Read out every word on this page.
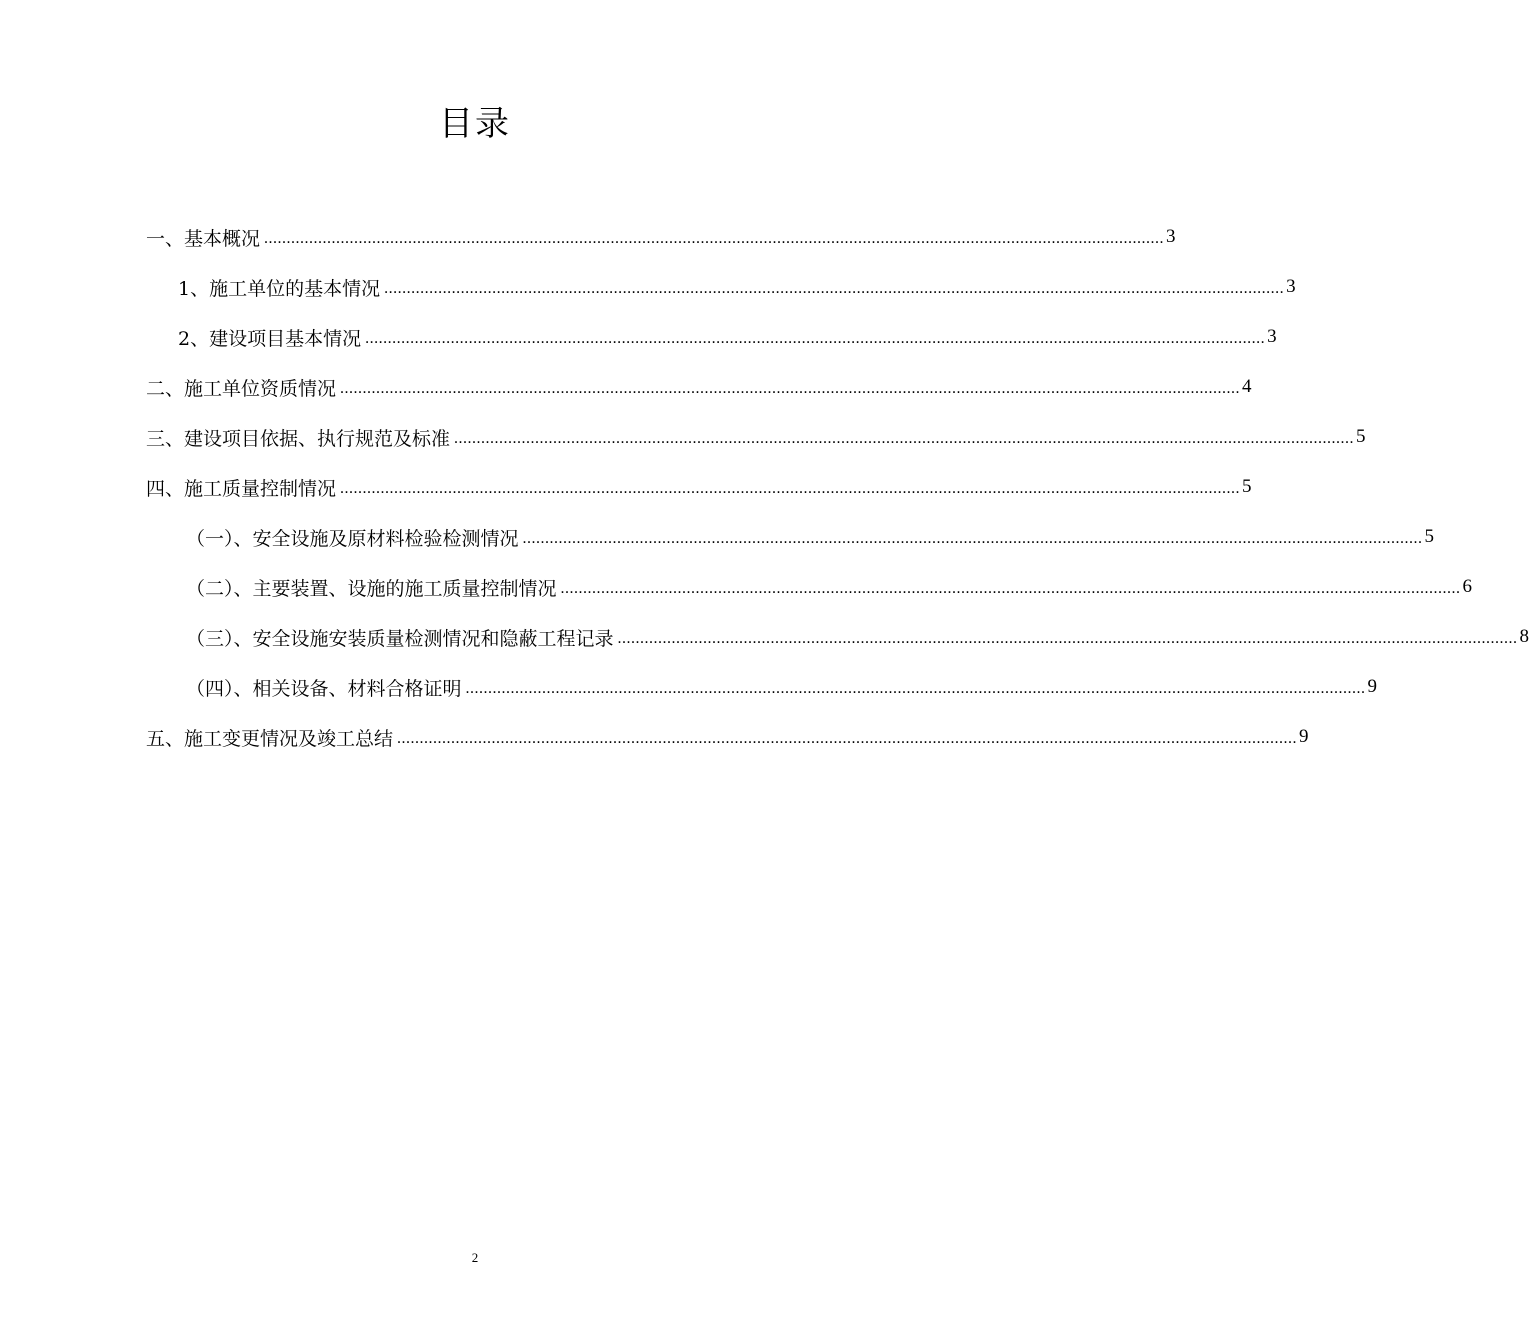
目录
一、基本概况 ........................................................................................................................................................................................................ 3
1、施工单位的基本情况 ........................................................................................................................................................................................................ 3
2、建设项目基本情况 ........................................................................................................................................................................................................ 3
二、施工单位资质情况 ........................................................................................................................................................................................................ 4
三、建设项目依据、执行规范及标准 ........................................................................................................................................................................................................ 5
四、施工质量控制情况 ........................................................................................................................................................................................................ 5
（一）、安全设施及原材料检验检测情况 ........................................................................................................................................................................................................ 5
（二）、主要装置、设施的施工质量控制情况 ........................................................................................................................................................................................................ 6
（三）、安全设施安装质量检测情况和隐蔽工程记录 ........................................................................................................................................................................................................ 8
（四）、相关设备、材料合格证明 ........................................................................................................................................................................................................ 9
五、施工变更情况及竣工总结 ........................................................................................................................................................................................................ 9
2
